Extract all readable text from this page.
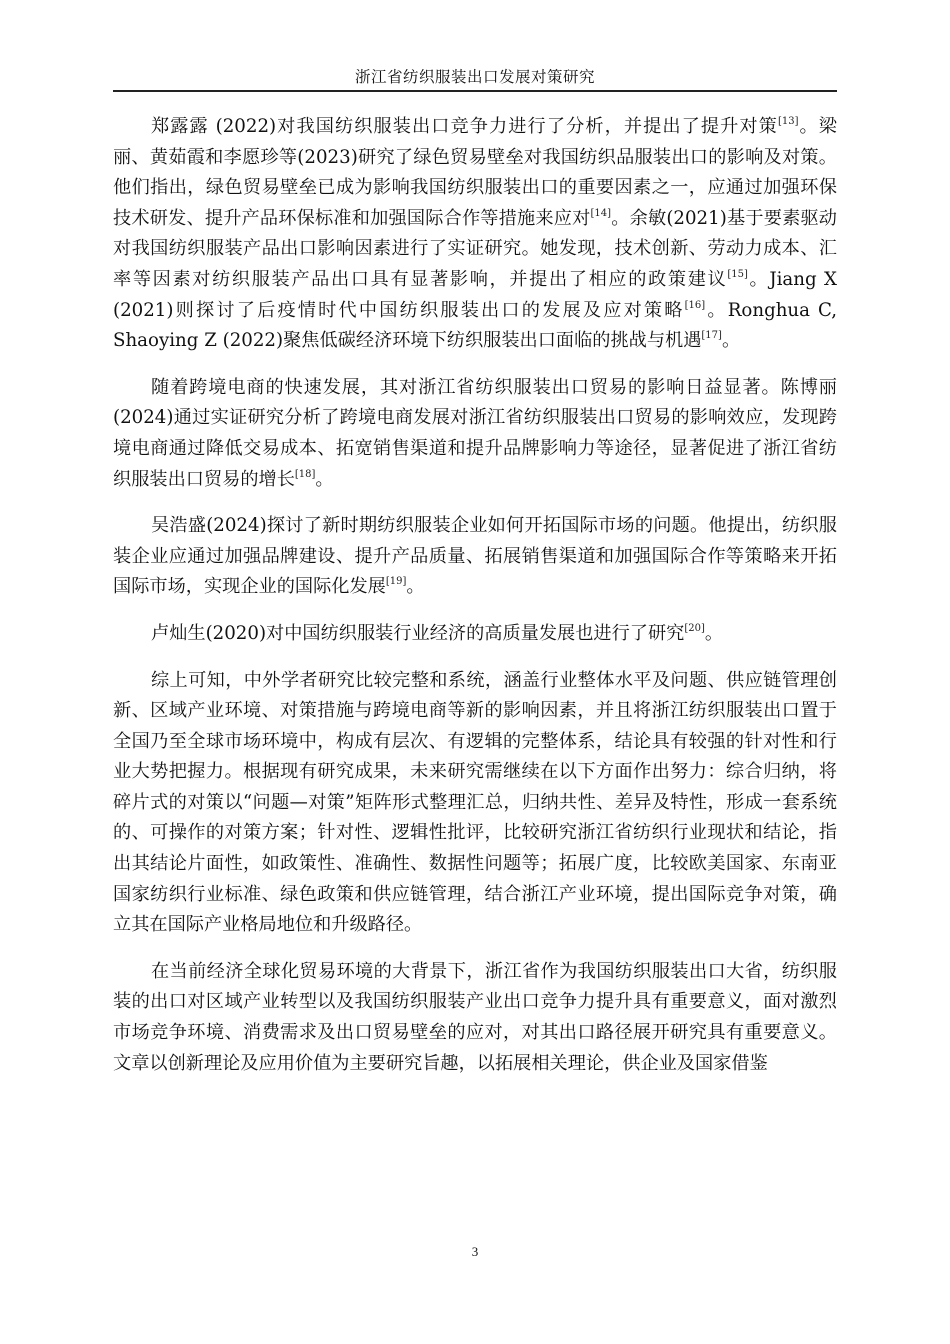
浙江省纺织服装出口发展对策研究

郑露露 (2022)对我国纺织服装出口竞争力进行了分析，并提出了提升对策[13]。梁丽、黄茹霞和李愿珍等(2023)研究了绿色贸易壁垒对我国纺织品服装出口的影响及对策。他们指出，绿色贸易壁垒已成为影响我国纺织服装出口的重要因素之一，应通过加强环保技术研发、提升产品环保标准和加强国际合作等措施来应对[14]。余敏(2021)基于要素驱动对我国纺织服装产品出口影响因素进行了实证研究。她发现，技术创新、劳动力成本、汇率等因素对纺织服装产品出口具有显著影响，并提出了相应的政策建议[15]。Jiang X (2021)则探讨了后疫情时代中国纺织服装出口的发展及应对策略[16]。Ronghua C, Shaoying Z (2022)聚焦低碳经济环境下纺织服装出口面临的挑战与机遇[17]。

随着跨境电商的快速发展，其对浙江省纺织服装出口贸易的影响日益显著。陈博丽(2024)通过实证研究分析了跨境电商发展对浙江省纺织服装出口贸易的影响效应，发现跨境电商通过降低交易成本、拓宽销售渠道和提升品牌影响力等途径，显著促进了浙江省纺织服装出口贸易的增长[18]。

吴浩盛(2024)探讨了新时期纺织服装企业如何开拓国际市场的问题。他提出，纺织服装企业应通过加强品牌建设、提升产品质量、拓展销售渠道和加强国际合作等策略来开拓国际市场，实现企业的国际化发展[19]。

卢灿生(2020)对中国纺织服装行业经济的高质量发展也进行了研究[20]。

综上可知，中外学者研究比较完整和系统，涵盖行业整体水平及问题、供应链管理创新、区域产业环境、对策措施与跨境电商等新的影响因素，并且将浙江纺织服装出口置于全国乃至全球市场环境中，构成有层次、有逻辑的完整体系，结论具有较强的针对性和行业大势把握力。根据现有研究成果，未来研究需继续在以下方面作出努力：综合归纳，将碎片式的对策以“问题—对策”矩阵形式整理汇总，归纳共性、差异及特性，形成一套系统的、可操作的对策方案；针对性、逻辑性批评，比较研究浙江省纺织行业现状和结论，指出其结论片面性，如政策性、准确性、数据性问题等；拓展广度，比较欧美国家、东南亚国家纺织行业标准、绿色政策和供应链管理，结合浙江产业环境，提出国际竞争对策，确立其在国际产业格局地位和升级路径。

在当前经济全球化贸易环境的大背景下，浙江省作为我国纺织服装出口大省，纺织服装的出口对区域产业转型以及我国纺织服装产业出口竞争力提升具有重要意义，面对激烈市场竞争环境、消费需求及出口贸易壁垒的应对，对其出口路径展开研究具有重要意义。文章以创新理论及应用价值为主要研究旨趣，以拓展相关理论，供企业及国家借鉴

3
